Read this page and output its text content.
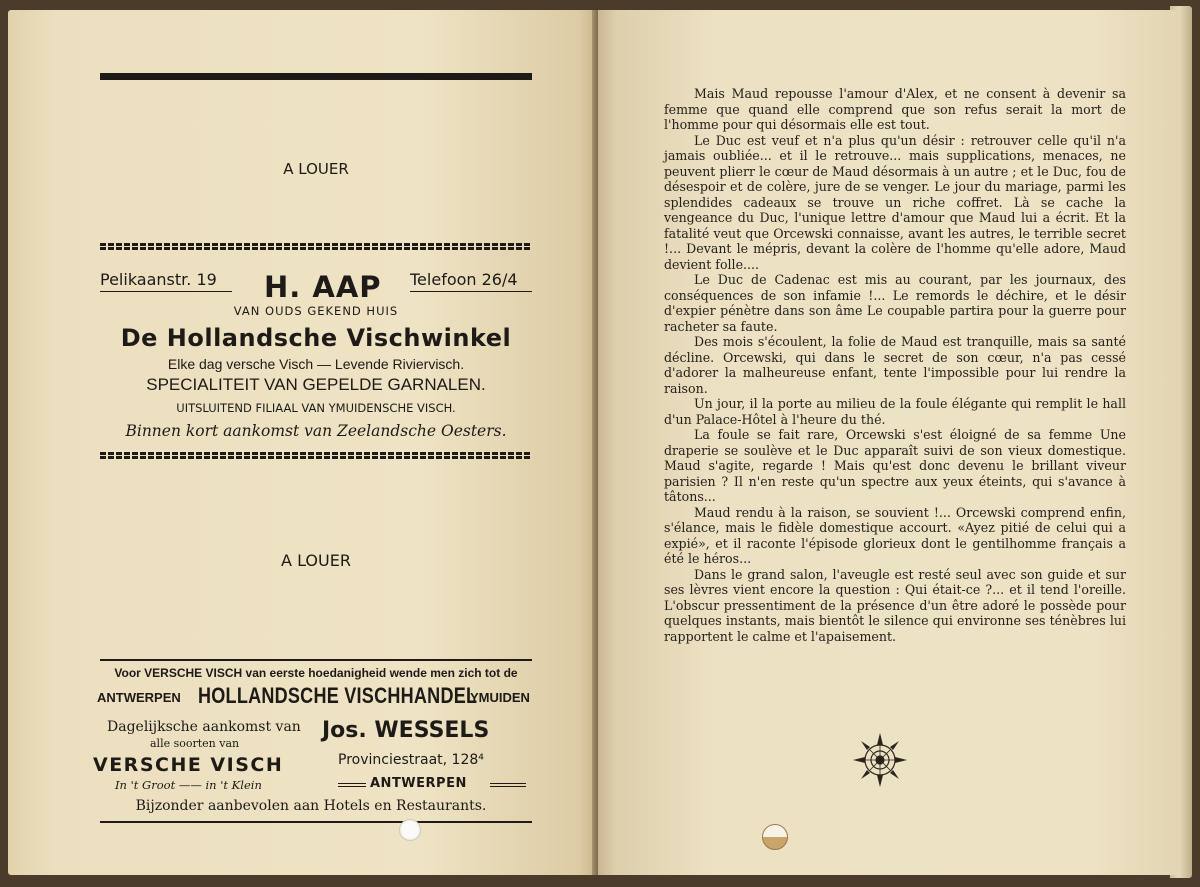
A LOUER
Pelikaanstr. 19 H. AAP Telefoon 26/4
VAN OUDS GEKEND HUIS
De Hollandsche Vischwinkel
Elke dag versche Visch — Levende Riviervisch.
SPECIALITEIT VAN GEPELDE GARNALEN.
UITSLUITEND FILIAAL VAN YMUIDENSCHE VISCH.
Binnen kort aankomst van Zeelandsche Oesters.
A LOUER
Voor VERSCHE VISCH van eerste hoedanigheid wende men zich tot de
ANTWERPEN HOLLANDSCHE VISCHHANDEL
YMUIDEN
Dagelijksche aankomst van
alle soorten van
Jos. WESSELS
VERSCHE VISCH	Provinciestraat, 128⁴
In 't Groot —— in 't Klein	ANTWERPEN
Bijzonder aanbevolen aan Hotels en Restaurants.

Mais Maud repousse l'amour d'Alex, et ne consent à devenir sa femme que quand elle comprend que son refus serait la mort de l'homme pour qui désormais elle est tout.

Le Duc est veuf et n'a plus qu'un désir : retrouver celle qu'il n'a jamais oubliée... et il le retrouve... mais supplications, menaces, ne peuvent plierr le cœur de Maud désormais à un autre ; et le Duc, fou de désespoir et de colère, jure de se venger. Le jour du mariage, parmi les splendides cadeaux se trouve un riche coffret. Là se cache la vengeance du Duc, l'unique lettre d'amour que Maud lui a écrit. Et la fatalité veut que Orcewski connaisse, avant les autres, le terrible secret !... Devant le mépris, devant la colère de l'homme qu'elle adore, Maud devient folle....

Le Duc de Cadenac est mis au courant, par les journaux, des conséquences de son infamie !... Le remords le déchire, et le désir d'expier pénètre dans son âme Le coupable partira pour la guerre pour racheter sa faute.

Des mois s'écoulent, la folie de Maud est tranquille, mais sa santé décline. Orcewski, qui dans le secret de son cœur, n'a pas cessé d'adorer la malheureuse enfant, tente l'impossible pour lui rendre la raison.

Un jour, il la porte au milieu de la foule élégante qui remplit le hall d'un Palace-Hôtel à l'heure du thé.

La foule se fait rare, Orcewski s'est éloigné de sa femme Une draperie se soulève et le Duc apparaît suivi de son vieux domestique. Maud s'agite, regarde ! Mais qu'est donc devenu le brillant viveur parisien ? Il n'en reste qu'un spectre aux yeux éteints, qui s'avance à tâtons...

Maud rendu à la raison, se souvient !... Orcewski comprend enfin, s'élance, mais le fidèle domestique accourt. «Ayez pitié de celui qui a expié», et il raconte l'épisode glorieux dont le gentilhomme français a été le héros...

Dans le grand salon, l'aveugle est resté seul avec son guide et sur ses lèvres vient encore la question : Qui était-ce ?... et il tend l'oreille. L'obscur pressentiment de la présence d'un être adoré le possède pour quelques instants, mais bientôt le silence qui environne ses ténèbres lui rapportent le calme et l'apaisement.
